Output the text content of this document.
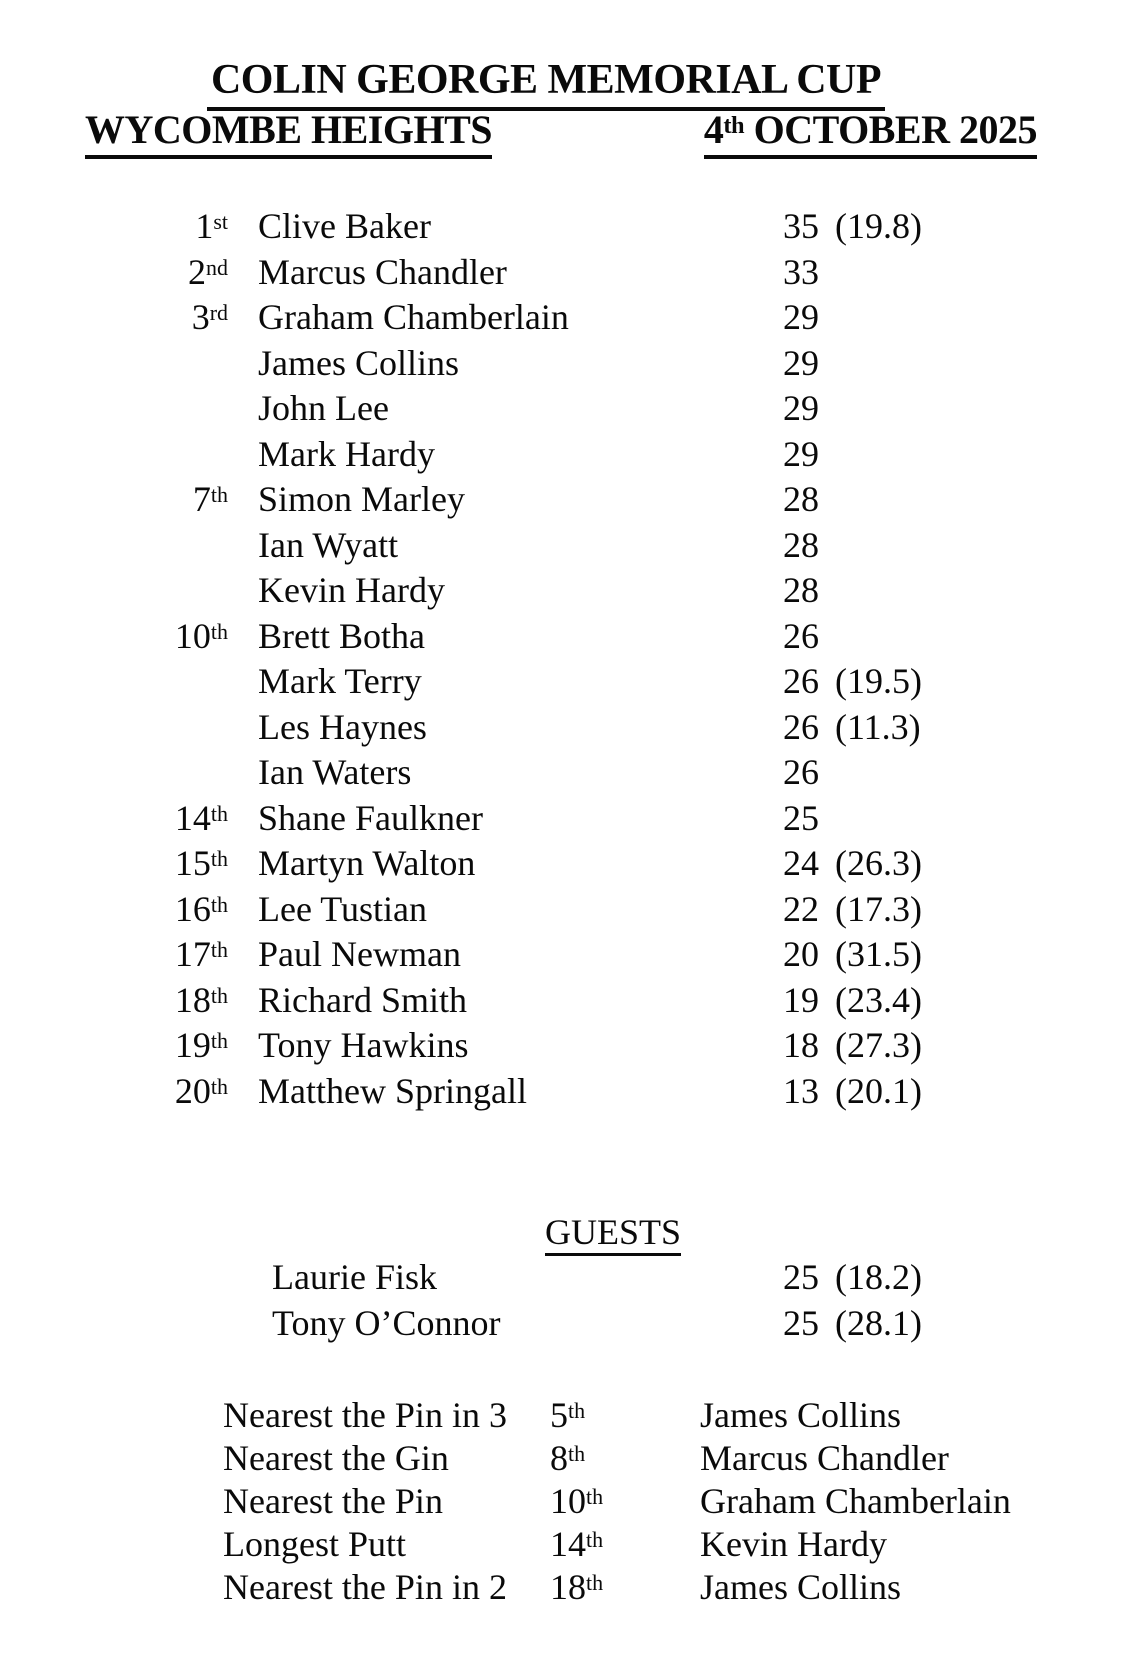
COLIN GEORGE MEMORIAL CUP
WYCOMBE HEIGHTS	4th OCTOBER 2025
1st Clive Baker	35 (19.8)
2nd Marcus Chandler	33
3rd Graham Chamberlain	29
James Collins	29
John Lee	29
Mark Hardy	29
7th Simon Marley	28
Ian Wyatt	28
Kevin Hardy	28
10th Brett Botha	26
Mark Terry	26 (19.5)
Les Haynes	26 (11.3)
Ian Waters	26
14th Shane Faulkner	25
15th Martyn Walton	24 (26.3)
16th Lee Tustian	22 (17.3)
17th Paul Newman	20 (31.5)
18th Richard Smith	19 (23.4)
19th Tony Hawkins	18 (27.3)
20th Matthew Springall	13 (20.1)
GUESTS
Laurie Fisk	25 (18.2)
Tony O’Connor	25 (28.1)
Nearest the Pin in 3	5th	James Collins
Nearest the Gin	8th	Marcus Chandler
Nearest the Pin	10th	Graham Chamberlain
Longest Putt	14th	Kevin Hardy
Nearest the Pin in 2	18th	James Collins
